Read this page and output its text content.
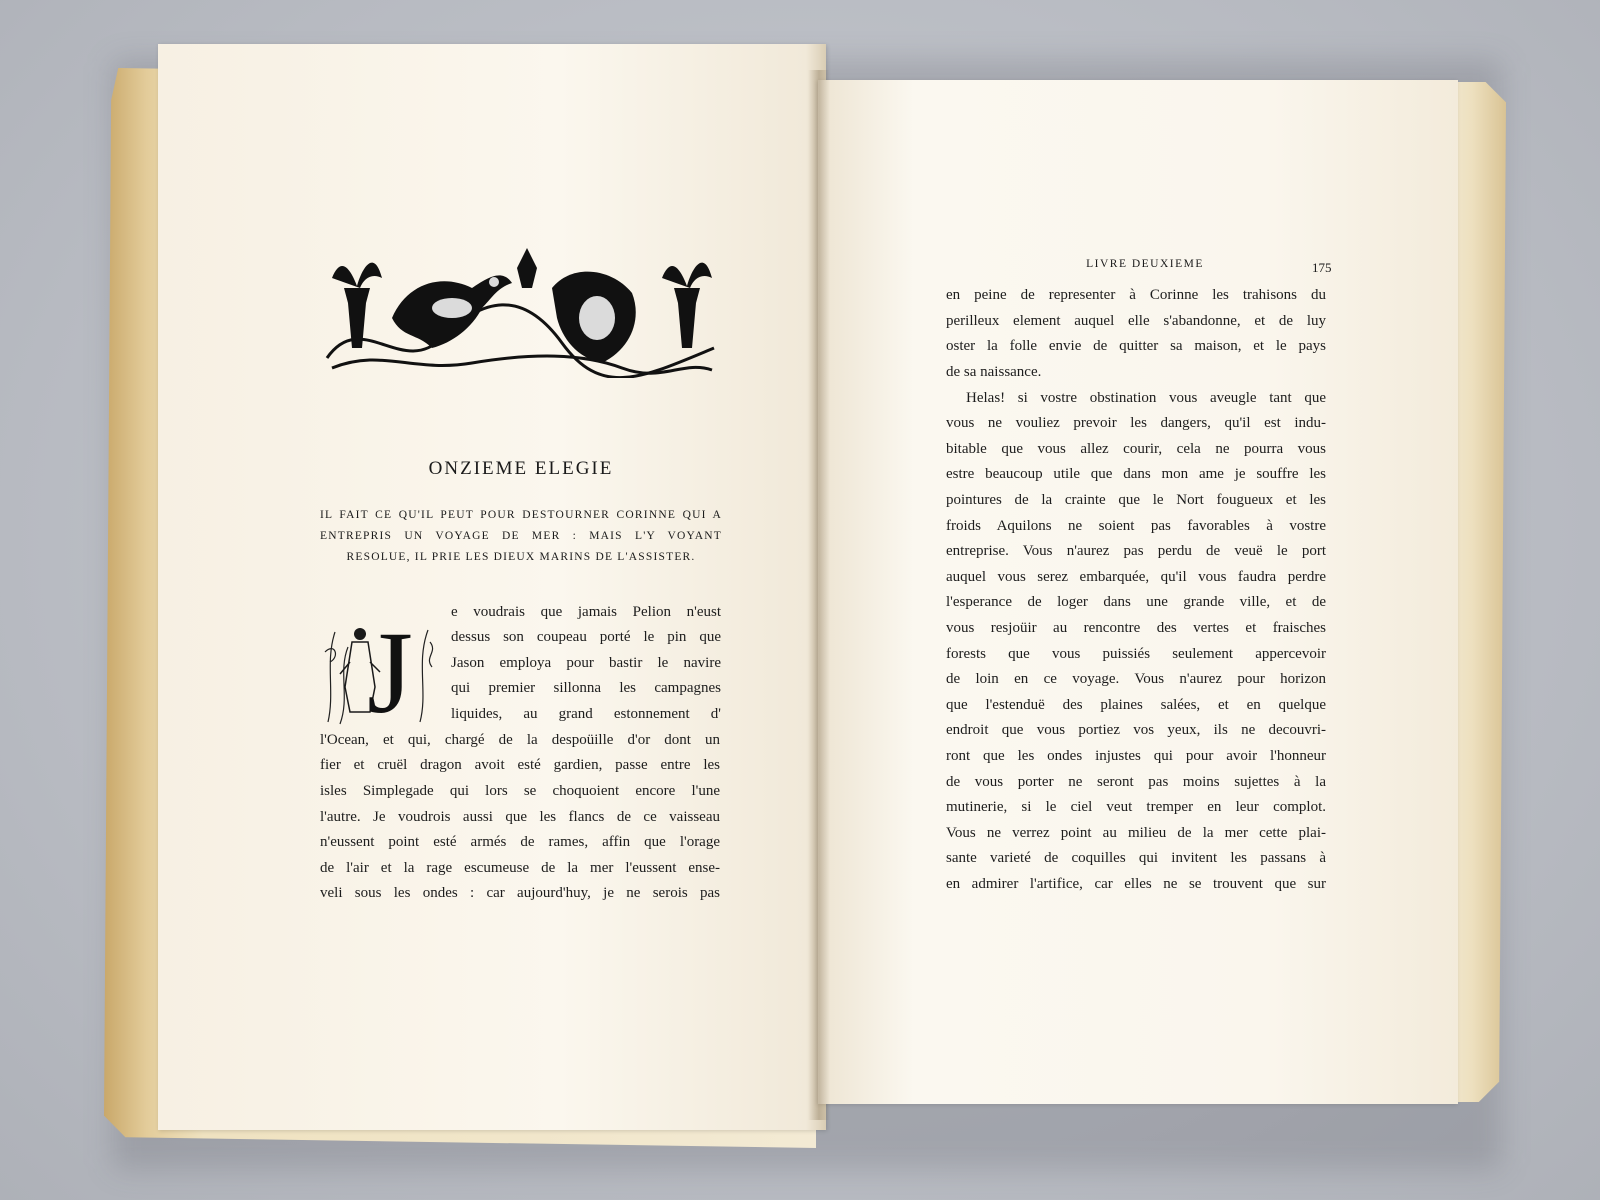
ONZIEME ELEGIE
IL FAIT CE QU'IL PEUT POUR DESTOURNER CORINNE QUI A ENTREPRIS UN VOYAGE DE MER : MAIS L'Y VOYANT RESOLUE, IL PRIE LES DIEUX MARINS DE L'ASSISTER.
J	e voudrais que jamais Pelion n'eust
dessus son coupeau porté le pin que
Jason employa pour bastir le navire
qui premier sillonna les campagnes
liquides, au grand estonnement d'
l'Ocean, et qui, chargé de la despoüille d'or dont un
fier et cruël dragon avoit esté gardien, passe entre les
isles Simplegade qui lors se choquoient encore l'une
l'autre. Je voudrois aussi que les flancs de ce vaisseau
n'eussent point esté armés de rames, affin que l'orage
de l'air et la rage escumeuse de la mer l'eussent ense-
veli sous les ondes : car aujourd'huy, je ne serois pas
LIVRE DEUXIEME	175
en peine de representer à Corinne les trahisons du
perilleux element auquel elle s'abandonne, et de luy
oster la folle envie de quitter sa maison, et le pays
de sa naissance.
Helas! si vostre obstination vous aveugle tant que
vous ne vouliez prevoir les dangers, qu'il est indu-
bitable que vous allez courir, cela ne pourra vous
estre beaucoup utile que dans mon ame je souffre les
pointures de la crainte que le Nort fougueux et les
froids Aquilons ne soient pas favorables à vostre
entreprise. Vous n'aurez pas perdu de veuë le port
auquel vous serez embarquée, qu'il vous faudra perdre
l'esperance de loger dans une grande ville, et de
vous resjoüir au rencontre des vertes et fraisches
forests que vous puissiés seulement appercevoir
de loin en ce voyage. Vous n'aurez pour horizon
que l'estenduë des plaines salées, et en quelque
endroit que vous portiez vos yeux, ils ne decouvri-
ront que les ondes injustes qui pour avoir l'honneur
de vous porter ne seront pas moins sujettes à la
mutinerie, si le ciel veut tremper en leur complot.
Vous ne verrez point au milieu de la mer cette plai-
sante varieté de coquilles qui invitent les passans à
en admirer l'artifice, car elles ne se trouvent que sur
